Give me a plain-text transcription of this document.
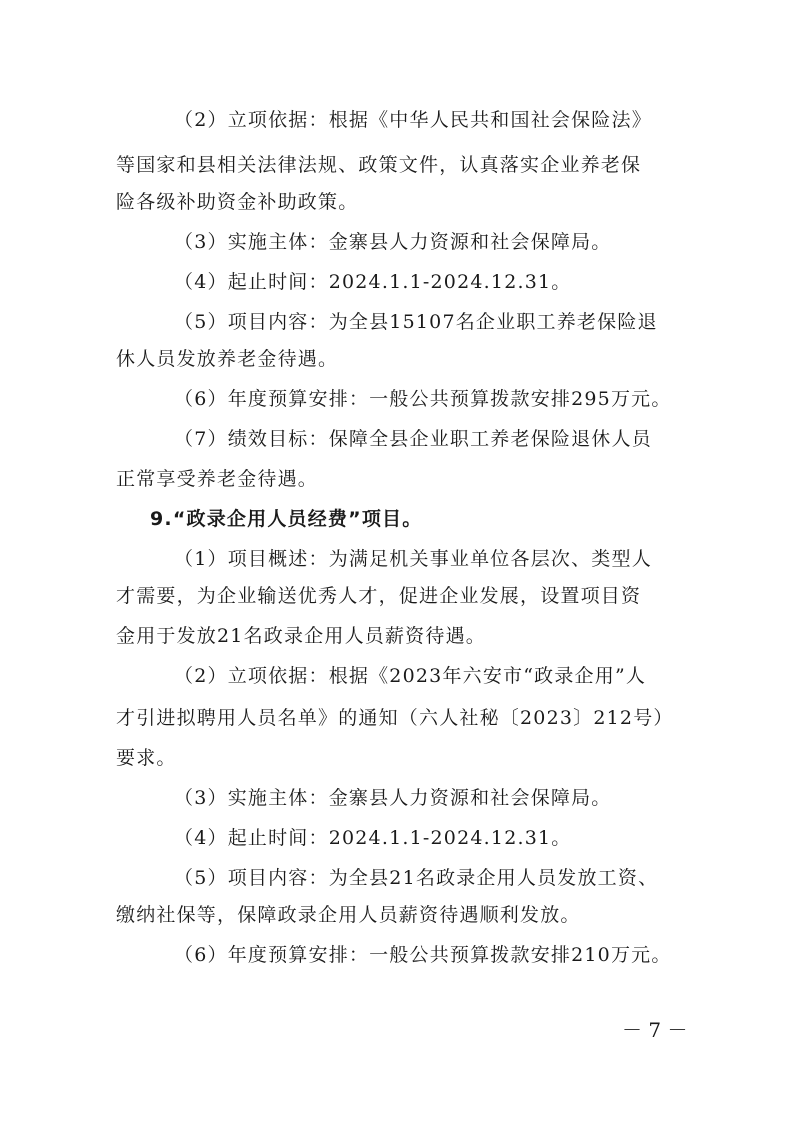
（2）立项依据：根据《中华人民共和国社会保险法》
等国家和县相关法律法规、政策文件，认真落实企业养老保
险各级补助资金补助政策。
（3）实施主体：金寨县人力资源和社会保障局。
（4）起止时间：2024.1.1-2024.12.31。
（5）项目内容：为全县15107名企业职工养老保险退
休人员发放养老金待遇。
（6）年度预算安排：一般公共预算拨款安排295万元。
（7）绩效目标：保障全县企业职工养老保险退休人员
正常享受养老金待遇。
9.“政录企用人员经费”项目。
（1）项目概述：为满足机关事业单位各层次、类型人
才需要，为企业输送优秀人才，促进企业发展，设置项目资
金用于发放21名政录企用人员薪资待遇。
（2）立项依据：根据《2023年六安市“政录企用”人
才引进拟聘用人员名单》的通知（六人社秘〔2023〕212号）
要求。
（3）实施主体：金寨县人力资源和社会保障局。
（4）起止时间：2024.1.1-2024.12.31。
（5）项目内容：为全县21名政录企用人员发放工资、
缴纳社保等，保障政录企用人员薪资待遇顺利发放。
（6）年度预算安排：一般公共预算拨款安排210万元。
－ 7 －
